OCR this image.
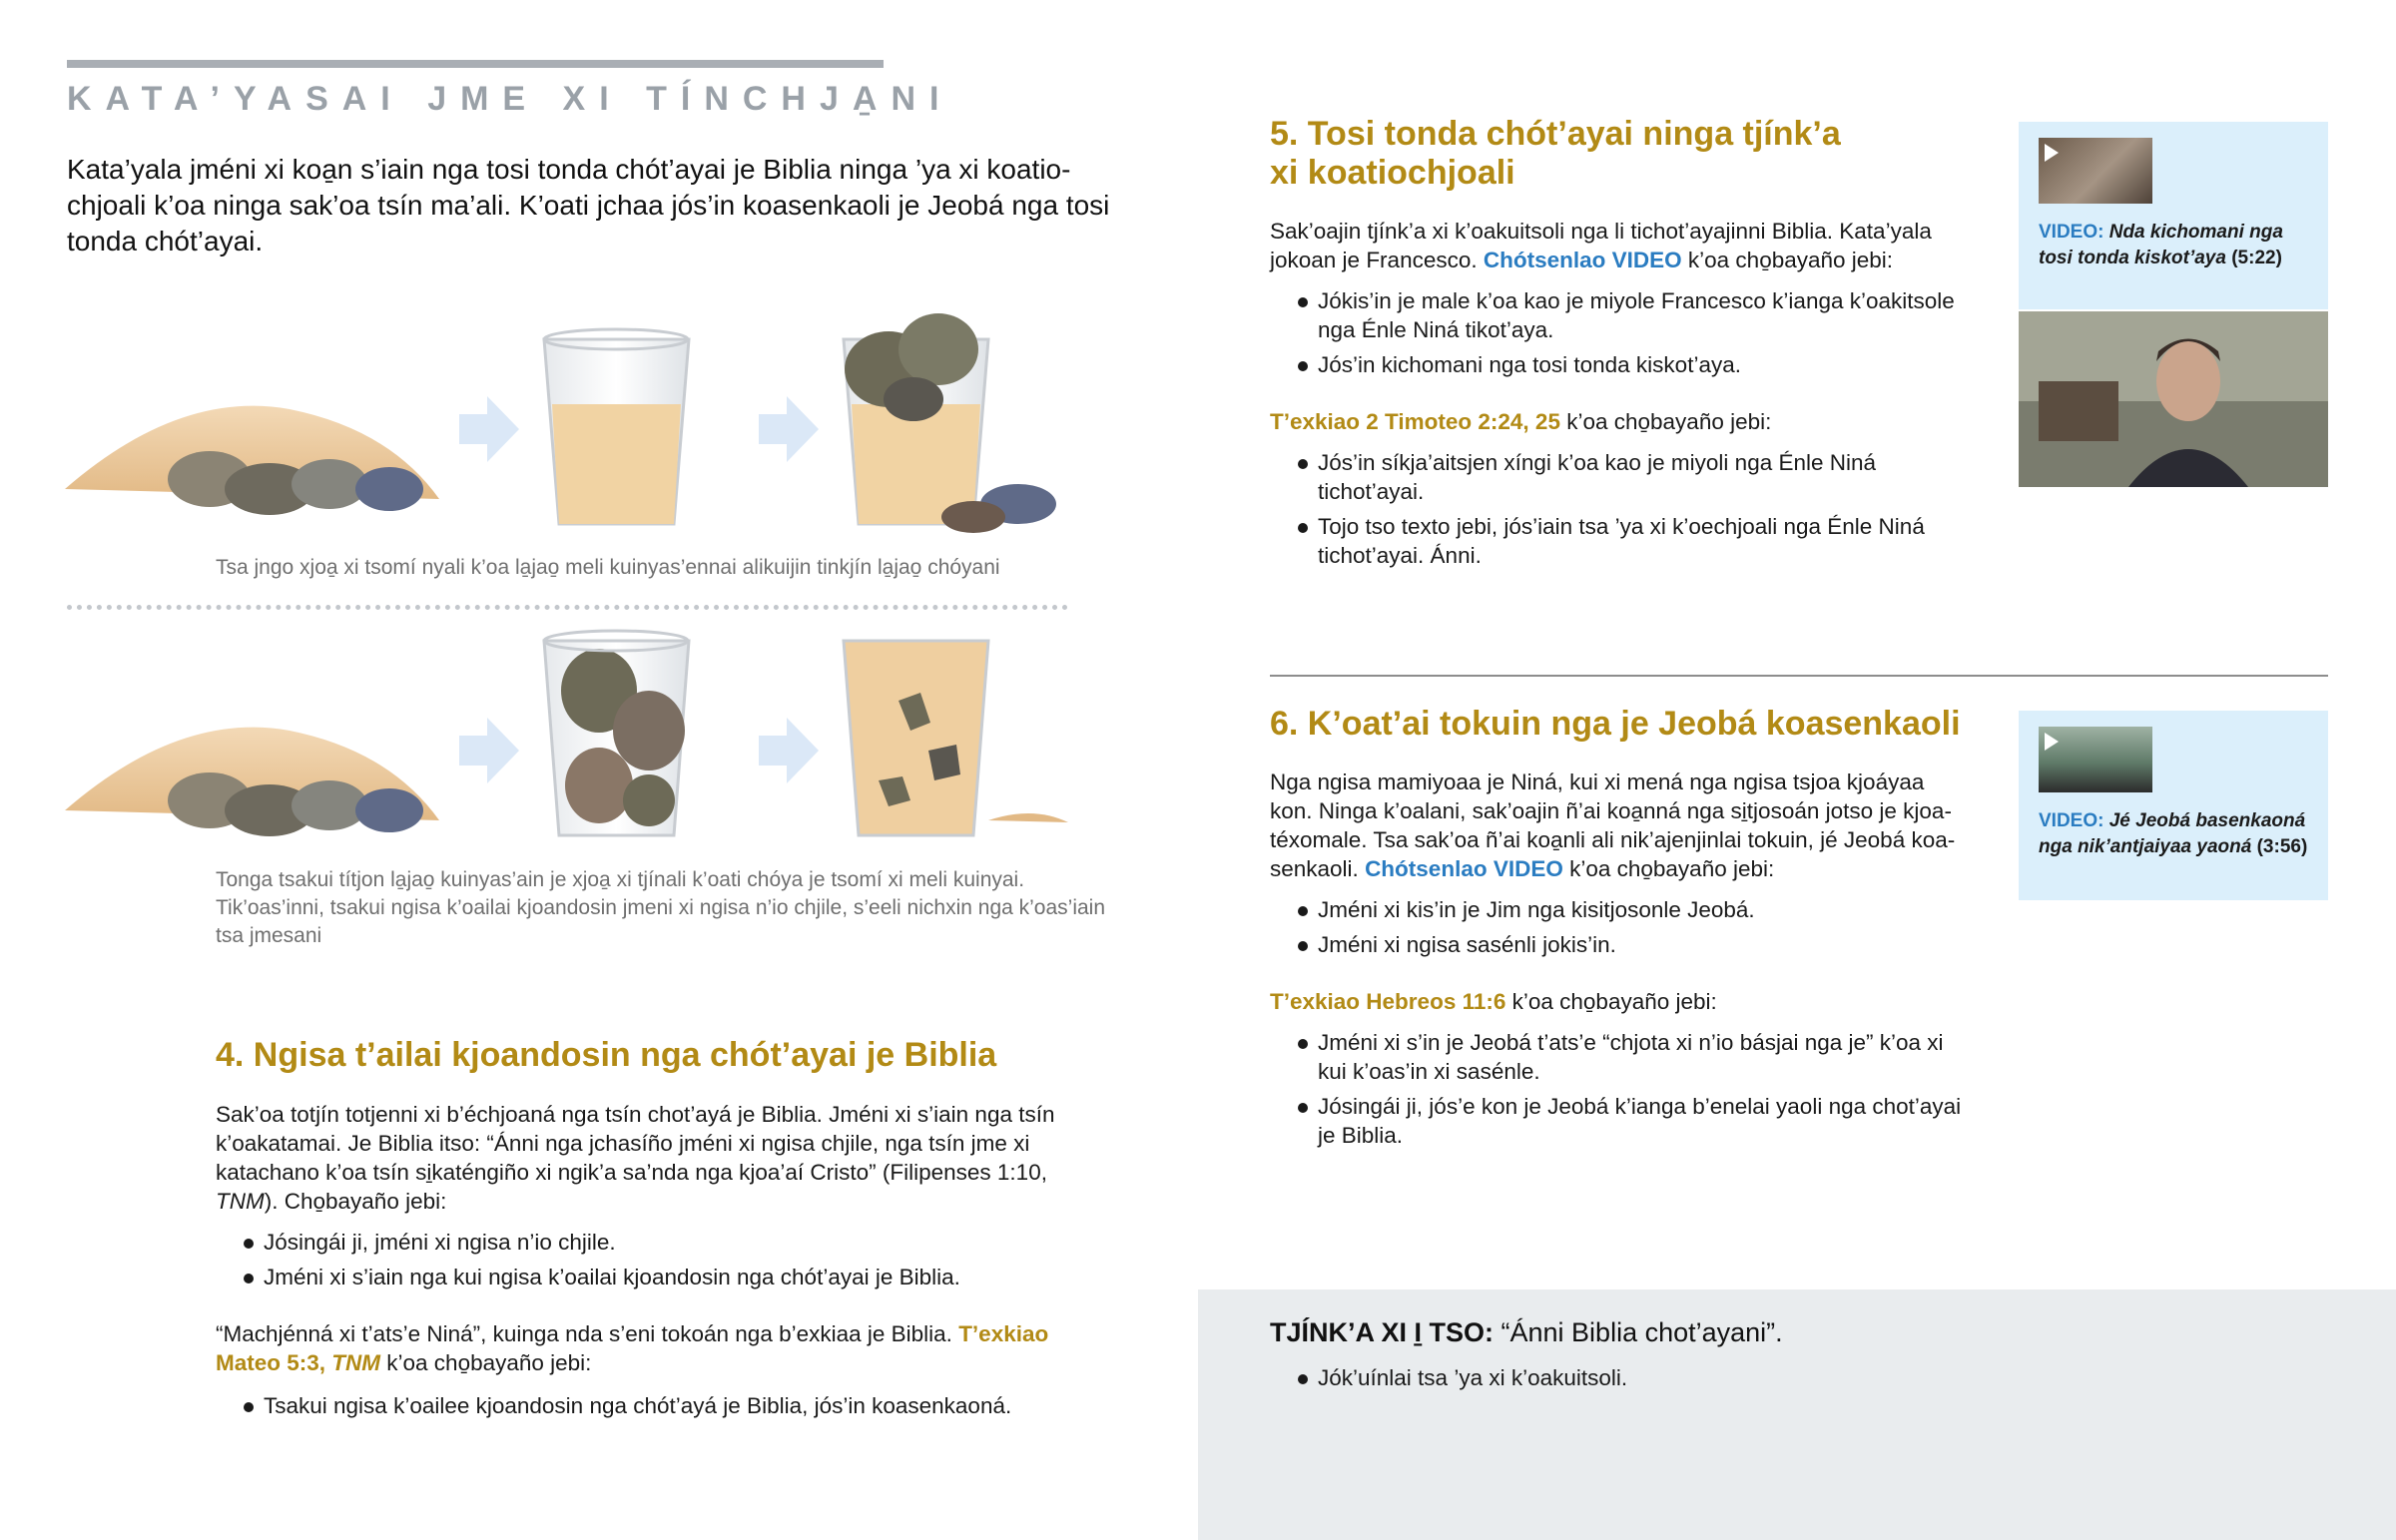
KATA’YASAI JME XI TÍNCHJA̱NI
Kata’yala jméni xi koa̱n s’iain nga tosi tonda chót’ayai je Biblia ninga ’ya xi koatiochjoali k’oa ninga sak’oa tsín ma’ali. K’oati jchaa jós’in koasenkaoli je Jeobá nga tosi tonda chót’ayai.
Tsa jngo xjoa̱ xi tsomí nyali k’oa la̱jao̱ meli kuinyas’ennai alikuijin tinkjín la̱jao̱ chóyani
Tonga tsakui títjon la̱jao̱ kuinyas’ain je xjoa̱ xi tjínali k’oati chóya je tsomí xi meli kuinyai. Tik’oas’inni, tsakui ngisa k’oailai kjoandosin jmeni xi ngisa n’io chjile, s’eeli nichxin nga k’oas’iain tsa jmesani
4. Ngisa t’ailai kjoandosin nga chót’ayai je Biblia
Sak’oa totjín totjenni xi b’échjoaná nga tsín chot’ayá je Biblia. Jméni xi s’iain nga tsín k’oakatamai. Je Biblia itso: “Ánni nga jchasíño jméni xi ngisa chjile, nga tsín jme xi katachano k’oa tsín si̱katéngiño xi ngik’a sa’nda nga kjoa’aí Cristo” (Filipenses 1:10, TNM). Cho̱bayaño jebi:
Jósingái ji, jméni xi ngisa n’io chjile.
Jméni xi s’iain nga kui ngisa k’oailai kjoandosin nga chót’ayai je Biblia.
“Machjénná xi t’ats’e Niná”, kuinga nda s’eni tokoán nga b’exkiaa je Biblia. T’exkiao Mateo 5:3, TNM k’oa cho̱bayaño jebi:
Tsakui ngisa k’oailee kjoandosin nga chót’ayá je Biblia, jós’in koasenkaoná.
5. Tosi tonda chót’ayai ninga tjínk’a xi koatiochjoali
Sak’oajin tjínk’a xi k’oakuitsoli nga li tichot’ayajinni Biblia. Kata’yala jokoan je Francesco. Chótsenlao VIDEO k’oa cho̱bayaño jebi:
Jókis’in je male k’oa kao je miyole Francesco k’ianga k’oakitsole nga Énle Niná tikot’aya.
Jós’in kichomani nga tosi tonda kiskot’aya.
T’exkiao 2 Timoteo 2:24, 25 k’oa cho̱bayaño jebi:
Jós’in síkja’aitsjen xíngi k’oa kao je miyoli nga Énle Niná tichot’ayai.
Tojo tso texto jebi, jós’iain tsa ’ya xi k’oechjoali nga Énle Niná tichot’ayai. Ánni.
VIDEO: Nda kichomani nga tosi tonda kiskot’aya (5:22)
6. K’oat’ai tokuin nga je Jeobá koasenkaoli
Nga ngisa mamiyoaa je Niná, kui xi mená nga ngisa tsjoa kjoáyaa kon. Ninga k’oalani, sak’oajin ñ’ai koa̱nná nga si̱tjosoán jotso je kjoatéxomale. Tsa sak’oa ñ’ai koa̱nli ali nik’ajenjinlai tokuin, jé Jeobá koasenkaoli. Chótsenlao VIDEO k’oa cho̱bayaño jebi:
Jméni xi kis’in je Jim nga kisitjosonle Jeobá.
Jméni xi ngisa sasénli jokis’in.
T’exkiao Hebreos 11:6 k’oa cho̱bayaño jebi:
Jméni xi s’in je Jeobá t’ats’e “chjota xi n’io básjai nga je” k’oa xi kui k’oas’in xi sasénle.
Jósingái ji, jós’e kon je Jeobá k’ianga b’enelai yaoli nga chot’ayai je Biblia.
VIDEO: Jé Jeobá basenkaoná nga nik’antjaiyaa yaoná (3:56)
TJÍNK’A XI I̱ TSO: “Ánni Biblia chot’ayani”.
Jók’uínlai tsa ’ya xi k’oakuitsoli.
